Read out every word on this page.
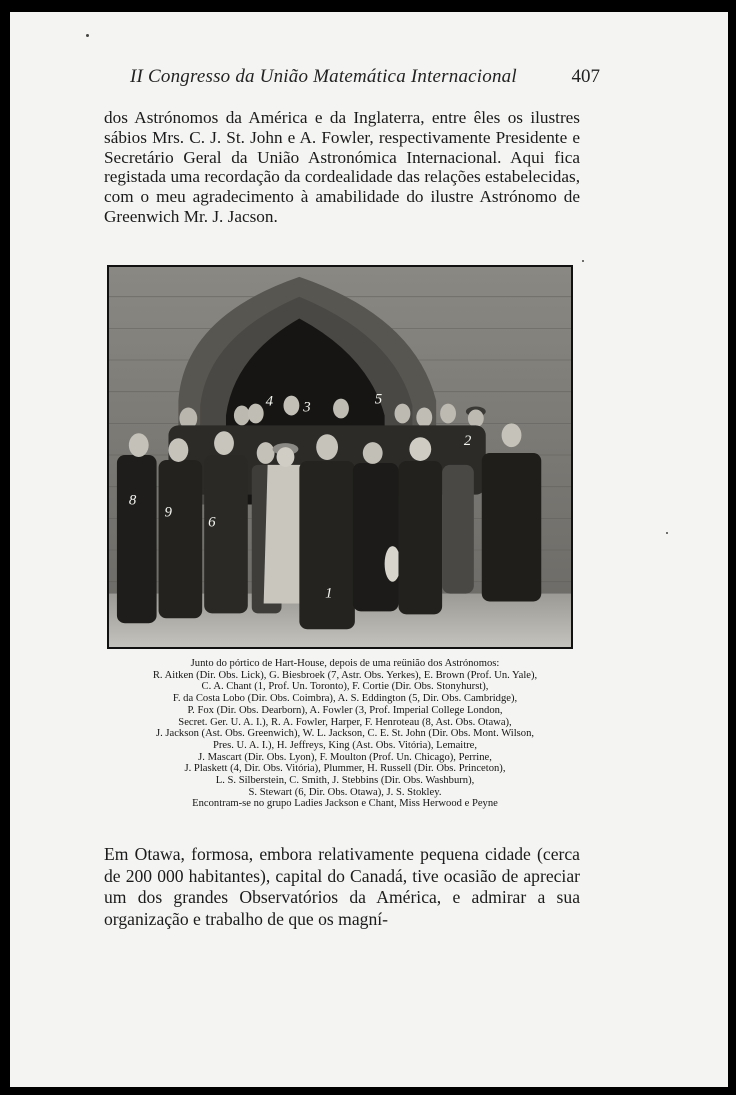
II Congresso da União Matemática Internacional	407

dos Astrónomos da América e da Inglaterra, entre êles os ilustres sábios Mrs. C. J. St. John e A. Fowler, respectivamente Presidente e Secretário Geral da União Astronómica Internacional. Aqui fica registada uma recordação da cordealidade das relações estabelecidas, com o meu agradecimento à amabilidade do ilustre Astrónomo de Greenwich Mr. J. Jacson.

4 3	5
8
9
6
2
1
Junto do pórtico de Hart-House, depois de uma reünião dos Astrónomos:
R. Aitken (Dir. Obs. Lick), G. Biesbroek (7, Astr. Obs. Yerkes), E. Brown (Prof. Un. Yale),
C. A. Chant (1, Prof. Un. Toronto), F. Cortie (Dir. Obs. Stonyhurst),
F. da Costa Lobo (Dir. Obs. Coimbra), A. S. Eddington (5, Dir. Obs. Cambridge),
P. Fox (Dir. Obs. Dearborn), A. Fowler (3, Prof. Imperial College London,
Secret. Ger. U. A. I.), R. A. Fowler, Harper, F. Henroteau (8, Ast. Obs. Otawa),
J. Jackson (Ast. Obs. Greenwich), W. L. Jackson, C. E. St. John (Dir. Obs. Mont. Wilson,
Pres. U. A. I.), H. Jeffreys, King (Ast. Obs. Vitória), Lemaitre,
J. Mascart (Dir. Obs. Lyon), F. Moulton (Prof. Un. Chicago), Perrine,
J. Plaskett (4, Dir. Obs. Vitória), Plummer, H. Russell (Dir. Obs. Princeton),
L. S. Silberstein, C. Smith, J. Stebbins (Dir. Obs. Washburn),
S. Stewart (6, Dir. Obs. Otawa), J. S. Stokley.
Encontram-se no grupo Ladies Jackson e Chant, Miss Herwood e Peyne

Em Otawa, formosa, embora relativamente pequena cidade (cerca de 200 000 habitantes), capital do Canadá, tive ocasião de apreciar um dos grandes Observatórios da América, e admirar a sua organização e trabalho de que os magní-
